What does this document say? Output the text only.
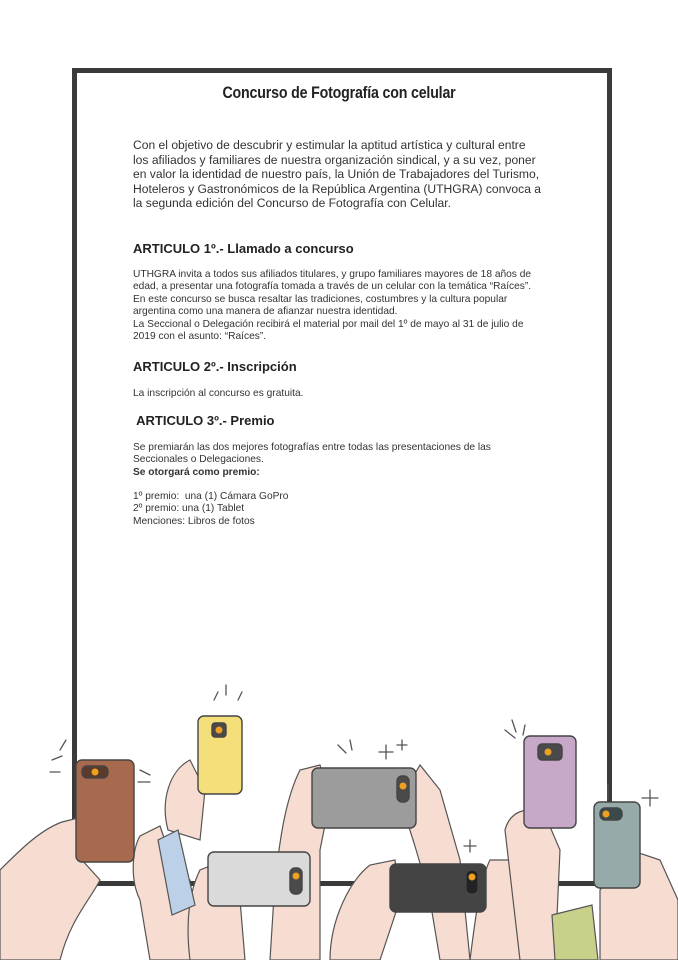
Concurso de Fotografía con celular

Con el objetivo de descubrir y estimular la aptitud artística y cultural entre los afiliados y familiares de nuestra organización sindical, y a su vez, poner en valor la identidad de nuestro país, la Unión de Trabajadores del Turismo, Hoteleros y Gastronómicos de la República Argentina (UTHGRA) convoca a la segunda edición del Concurso de Fotografía con Celular.

ARTICULO 1º.- Llamado a concurso

UTHGRA invita a todos sus afiliados titulares, y grupo familiares mayores de 18 años de edad, a presentar una fotografía tomada a través de un celular con la temática “Raíces”.

En este concurso se busca resaltar las tradiciones, costumbres y la cultura popular argentina como una manera de afianzar nuestra identidad.

La Seccional o Delegación recibirá el material por mail del 1º de mayo al 31 de julio de 2019 con el asunto: “Raíces”.

ARTICULO 2º.- Inscripción

La inscripción al concurso es gratuita.

ARTICULO 3º.- Premio

Se premiarán las dos mejores fotografías entre todas las presentaciones de las Seccionales o Delegaciones.

Se otorgará como premio:

1º premio:  una (1) Cámara GoPro

2º premio: una (1) Tablet

Menciones: Libros de fotos
